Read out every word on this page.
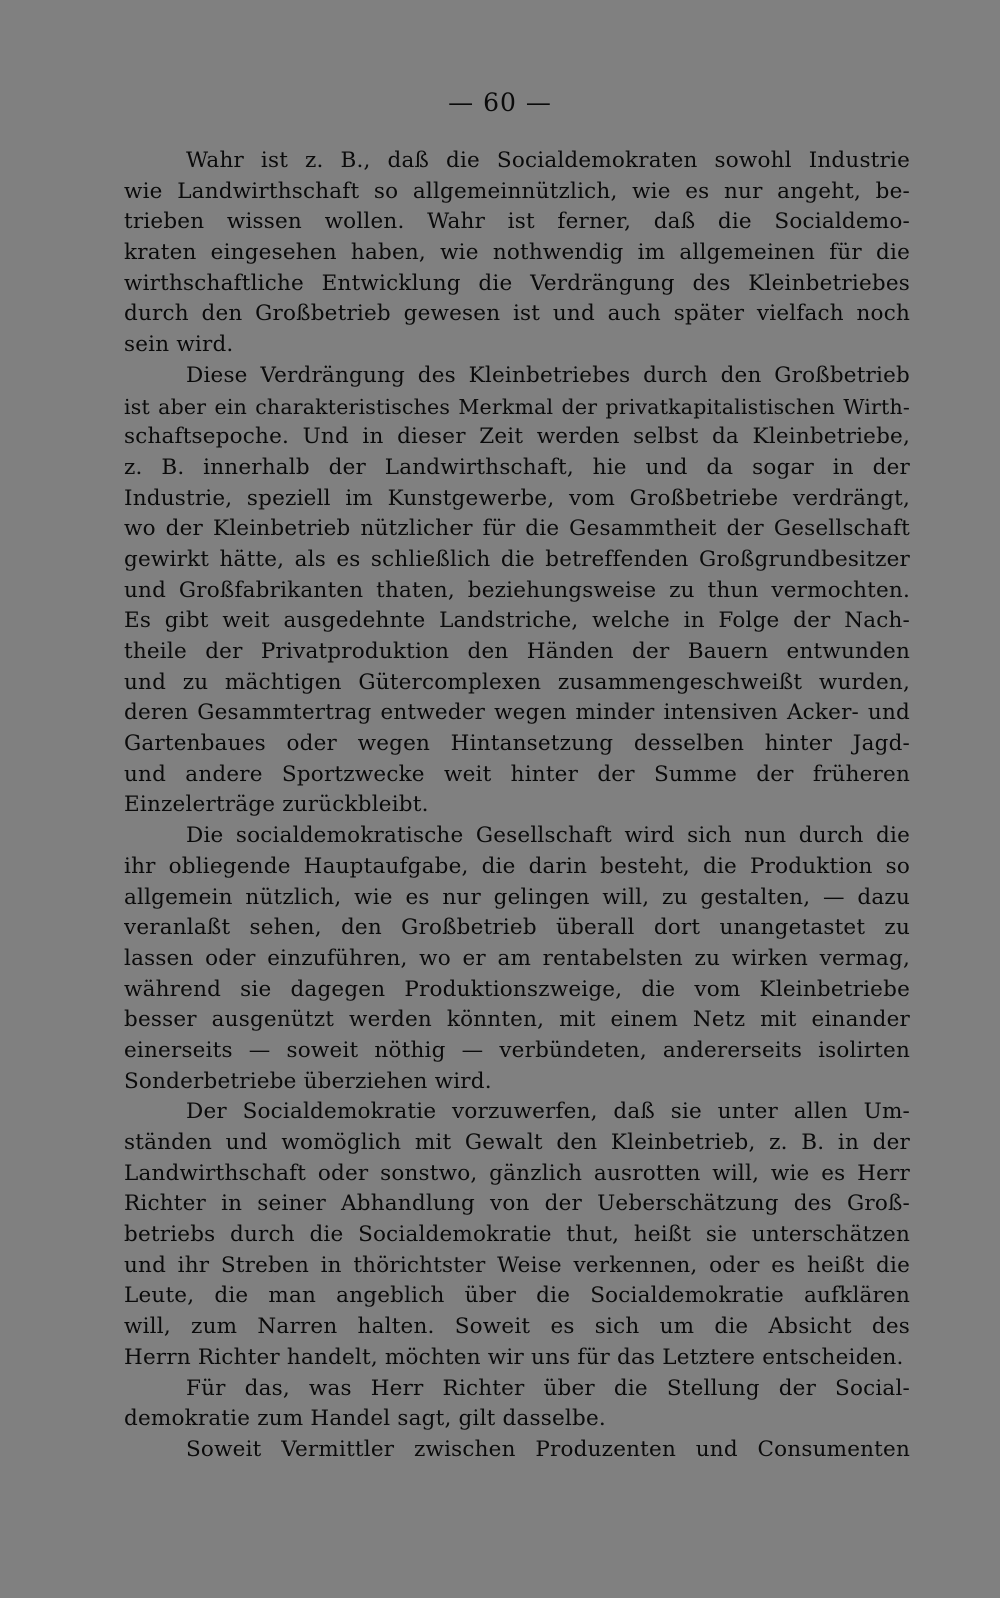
— 60 —
Wahr ist z. B., daß die Socialdemokraten sowohl Industrie
wie Landwirthschaft so allgemeinnützlich, wie es nur angeht, be-
trieben wissen wollen. Wahr ist ferner, daß die Socialdemo-
kraten eingesehen haben, wie nothwendig im allgemeinen für die
wirthschaftliche Entwicklung die Verdrängung des Kleinbetriebes
durch den Großbetrieb gewesen ist und auch später vielfach noch
sein wird.
Diese Verdrängung des Kleinbetriebes durch den Großbetrieb
ist aber ein charakteristisches Merkmal der privatkapitalistischen Wirth-
schaftsepoche. Und in dieser Zeit werden selbst da Kleinbetriebe,
z. B. innerhalb der Landwirthschaft, hie und da sogar in der
Industrie, speziell im Kunstgewerbe, vom Großbetriebe verdrängt,
wo der Kleinbetrieb nützlicher für die Gesammtheit der Gesellschaft
gewirkt hätte, als es schließlich die betreffenden Großgrundbesitzer
und Großfabrikanten thaten, beziehungsweise zu thun vermochten.
Es gibt weit ausgedehnte Landstriche, welche in Folge der Nach-
theile der Privatproduktion den Händen der Bauern entwunden
und zu mächtigen Gütercomplexen zusammengeschweißt wurden,
deren Gesammtertrag entweder wegen minder intensiven Acker- und
Gartenbaues oder wegen Hintansetzung desselben hinter Jagd-
und andere Sportzwecke weit hinter der Summe der früheren
Einzelerträge zurückbleibt.
Die socialdemokratische Gesellschaft wird sich nun durch die
ihr obliegende Hauptaufgabe, die darin besteht, die Produktion so
allgemein nützlich, wie es nur gelingen will, zu gestalten, — dazu
veranlaßt sehen, den Großbetrieb überall dort unangetastet zu
lassen oder einzuführen, wo er am rentabelsten zu wirken vermag,
während sie dagegen Produktionszweige, die vom Kleinbetriebe
besser ausgenützt werden könnten, mit einem Netz mit einander
einerseits — soweit nöthig — verbündeten, andererseits isolirten
Sonderbetriebe überziehen wird.
Der Socialdemokratie vorzuwerfen, daß sie unter allen Um-
ständen und womöglich mit Gewalt den Kleinbetrieb, z. B. in der
Landwirthschaft oder sonstwo, gänzlich ausrotten will, wie es Herr
Richter in seiner Abhandlung von der Ueberschätzung des Groß-
betriebs durch die Socialdemokratie thut, heißt sie unterschätzen
und ihr Streben in thörichtster Weise verkennen, oder es heißt die
Leute, die man angeblich über die Socialdemokratie aufklären
will, zum Narren halten. Soweit es sich um die Absicht des
Herrn Richter handelt, möchten wir uns für das Letztere entscheiden.
Für das, was Herr Richter über die Stellung der Social-
demokratie zum Handel sagt, gilt dasselbe.
Soweit Vermittler zwischen Produzenten und Consumenten
